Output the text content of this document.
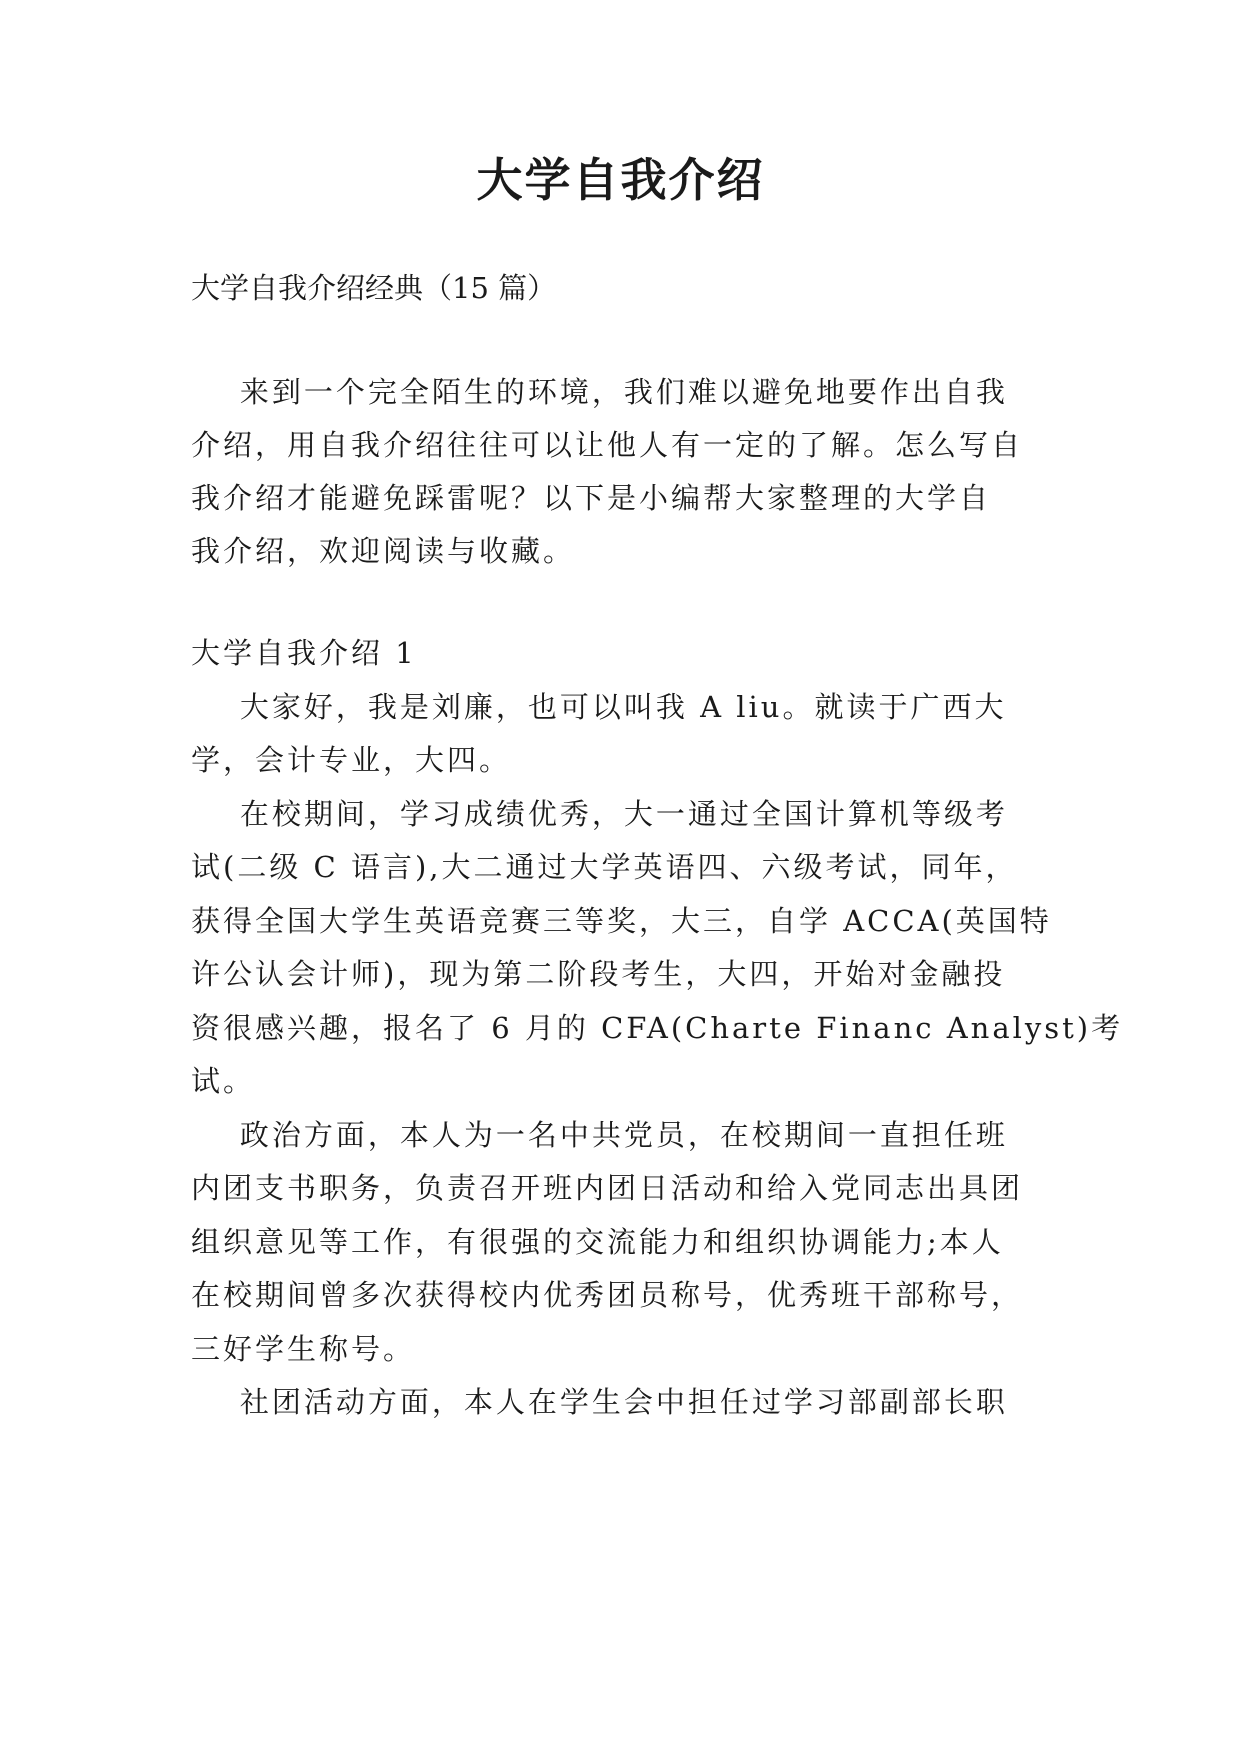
大学自我介绍
大学自我介绍经典（15 篇）
来到一个完全陌生的环境，我们难以避免地要作出自我
介绍，用自我介绍往往可以让他人有一定的了解。怎么写自
我介绍才能避免踩雷呢？以下是小编帮大家整理的大学自
我介绍，欢迎阅读与收藏。
大学自我介绍 1
大家好，我是刘廉，也可以叫我 A liu。就读于广西大
学，会计专业，大四。
在校期间，学习成绩优秀，大一通过全国计算机等级考
试(二级 C 语言),大二通过大学英语四、六级考试，同年，
获得全国大学生英语竞赛三等奖，大三，自学 ACCA(英国特
许公认会计师)，现为第二阶段考生，大四，开始对金融投
资很感兴趣，报名了 6 月的 CFA(Charte Financ Analyst)考
试。
政治方面，本人为一名中共党员，在校期间一直担任班
内团支书职务，负责召开班内团日活动和给入党同志出具团
组织意见等工作，有很强的交流能力和组织协调能力;本人
在校期间曾多次获得校内优秀团员称号，优秀班干部称号，
三好学生称号。
社团活动方面，本人在学生会中担任过学习部副部长职
